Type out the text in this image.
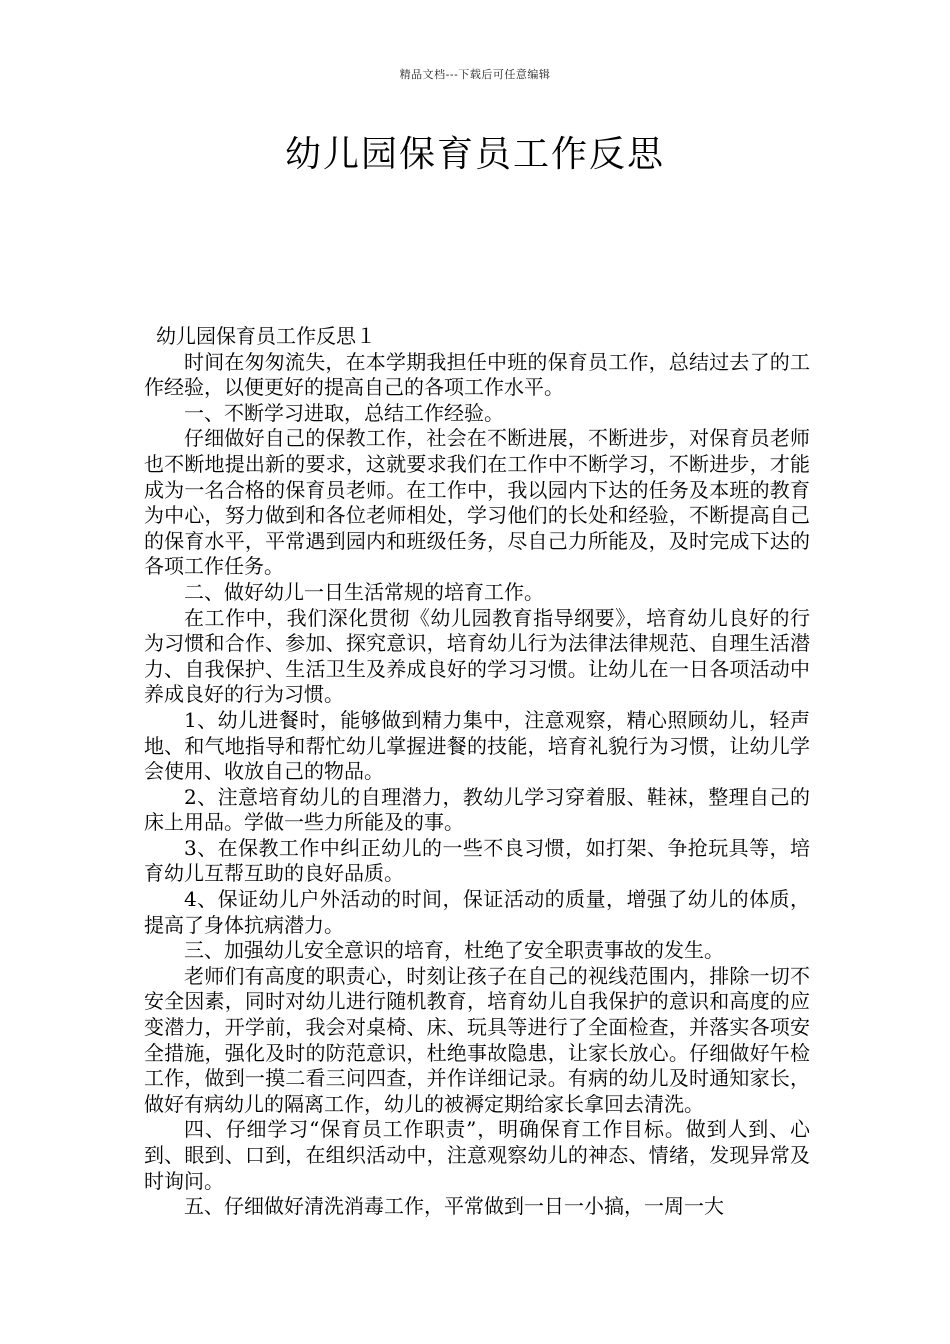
精品文档---下载后可任意编辑
幼儿园保育员工作反思

幼儿园保育员工作反思１

时间在匆匆流失，在本学期我担任中班的保育员工作，总结过去了的工作经验，以便更好的提高自己的各项工作水平。

一、不断学习进取，总结工作经验。

仔细做好自己的保教工作，社会在不断进展，不断进步，对保育员老师也不断地提出新的要求，这就要求我们在工作中不断学习，不断进步，才能成为一名合格的保育员老师。在工作中，我以园内下达的任务及本班的教育为中心，努力做到和各位老师相处，学习他们的长处和经验，不断提高自己的保育水平，平常遇到园内和班级任务，尽自己力所能及，及时完成下达的各项工作任务。

二、做好幼儿一日生活常规的培育工作。

在工作中，我们深化贯彻《幼儿园教育指导纲要》，培育幼儿良好的行为习惯和合作、参加、探究意识，培育幼儿行为法律法律规范、自理生活潜力、自我保护、生活卫生及养成良好的学习习惯。让幼儿在一日各项活动中养成良好的行为习惯。

1、幼儿进餐时，能够做到精力集中，注意观察，精心照顾幼儿，轻声地、和气地指导和帮忙幼儿掌握进餐的技能，培育礼貌行为习惯，让幼儿学会使用、收放自己的物品。

2、注意培育幼儿的自理潜力，教幼儿学习穿着服、鞋袜，整理自己的床上用品。学做一些力所能及的事。

3、在保教工作中纠正幼儿的一些不良习惯，如打架、争抢玩具等，培育幼儿互帮互助的良好品质。

4、保证幼儿户外活动的时间，保证活动的质量，增强了幼儿的体质，提高了身体抗病潜力。

三、加强幼儿安全意识的培育，杜绝了安全职责事故的发生。

老师们有高度的职责心，时刻让孩子在自己的视线范围内，排除一切不安全因素，同时对幼儿进行随机教育，培育幼儿自我保护的意识和高度的应变潜力，开学前，我会对桌椅、床、玩具等进行了全面检查，并落实各项安全措施，强化及时的防范意识，杜绝事故隐患，让家长放心。仔细做好午检工作，做到一摸二看三问四查，并作详细记录。有病的幼儿及时通知家长，做好有病幼儿的隔离工作，幼儿的被褥定期给家长拿回去清洗。

四、仔细学习“保育员工作职责”，明确保育工作目标。做到人到、心到、眼到、口到，在组织活动中，注意观察幼儿的神态、情绪，发现异常及时询问。

五、仔细做好清洗消毒工作，平常做到一日一小搞，一周一大
